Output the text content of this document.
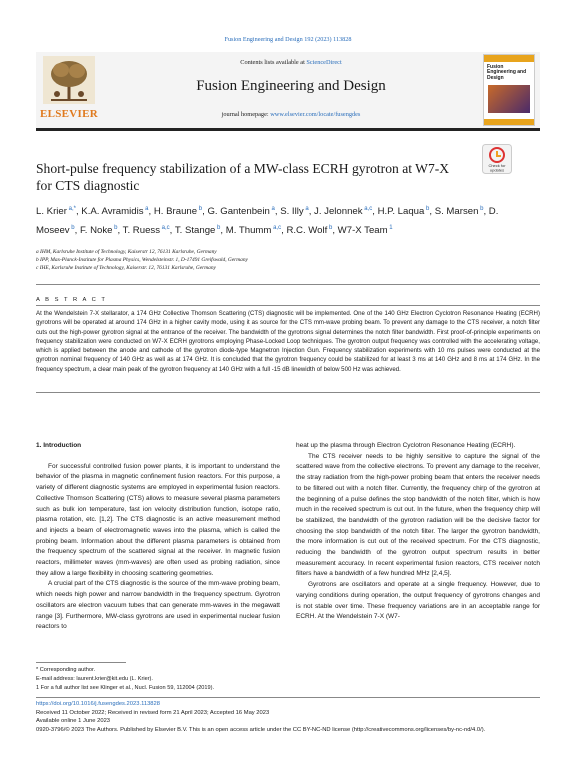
Fusion Engineering and Design 192 (2023) 113828
ELSEVIER
Contents lists available at ScienceDirect
Fusion Engineering and Design
journal homepage: www.elsevier.com/locate/fusengdes
Fusion Engineering and Design
Check for
updates
Short-pulse frequency stabilization of a MW-class ECRH gyrotron at W7-X for CTS diagnostic
L. Krier $^{a,*}$, K.A. Avramidis $^a$, H. Braune $^b$, G. Gantenbein $^a$, S. Illy $^a$, J. Jelonnek $^{a,c}$, H.P. Laqua $^b$, S. Marsen $^b$, D. Moseev $^b$, F. Noke $^b$, T. Ruess $^{a,c}$, T. Stange $^b$, M. Thumm $^{a,c}$, R.C. Wolf $^b$, W7-X Team $^1$
a IHM, Karlsruhe Institute of Technology, Kaiserstr 12, 76131 Karlsruhe, Germany
b IPP, Max-Planck-Institute for Plasma Physics, Wendelsteinstr. 1, D-17491 Greifswald, Germany
c IHE, Karlsruhe Institute of Technology, Kaiserstr. 12, 76131 Karlsruhe, Germany
A B S T R A C T
At the Wendelstein 7-X stellarator, a 174 GHz Collective Thomson Scattering (CTS) diagnostic will be implemented. One of the 140 GHz Electron Cyclotron Resonance Heating (ECRH) gyrotrons will be operated at around 174 GHz in a higher cavity mode, using it as source for the CTS mm-wave probing beam. To prevent any damage to the CTS receiver, a notch filter cuts out the high-power gyrotron signal at the entrance of the receiver. The bandwidth of the gyrotrons signal determines the notch filter bandwidth. First proof-of-principle experiments on frequency stabilization were conducted on W7-X ECRH gyrotrons employing Phase-Locked Loop techniques. The gyrotron output frequency was controlled with the accelerating voltage, which is applied between the anode and cathode of the gyrotron diode-type Magnetron Injection Gun. Frequency stabilization experiments with 10 ms pulses were conducted at the gyrotron nominal frequency of 140 GHz as well as at 174 GHz. It is concluded that the gyrotron frequency could be stabilized for at least 3 ms at 140 GHz and 8 ms at 174 GHz. In the frequency spectrum, a clear main peak of the gyrotron frequency at 140 GHz with a full -15 dB linewidth of below 500 Hz was achieved.

1. Introduction

For successful controlled fusion power plants, it is important to understand the behavior of the plasma in magnetic confinement fusion reactors. For this purpose, a variety of different diagnostic systems are employed in experimental fusion reactors. Collective Thomson Scattering (CTS) allows to measure several plasma parameters such as bulk ion temperature, fast ion velocity distribution function, isotope ratio, plasma rotation, etc. [1,2]. The CTS diagnostic is an active measurement method and injects a beam of electromagnetic waves into the plasma, which is called the probing beam. Information about the different plasma parameters is obtained from the frequency spectrum of the scattered signal at the receiver. In magnetic fusion reactors, millimeter waves (mm-waves) are often used as probing radiation, since they allow a large flexibility in choosing scattering geometries.

A crucial part of the CTS diagnostic is the source of the mm-wave probing beam, which needs high power and narrow bandwidth in the frequency spectrum. Gyrotron oscillators are electron vacuum tubes that can generate mm-waves in the megawatt range [3]. Furthermore, MW-class gyrotrons are used in experimental nuclear fusion reactors to

heat up the plasma through Electron Cyclotron Resonance Heating (ECRH).

The CTS receiver needs to be highly sensitive to capture the signal of the scattered wave from the collective electrons. To prevent any damage to the receiver, the stray radiation from the high-power probing beam that enters the receiver needs to be filtered out with a notch filter. Currently, the frequency chirp of the gyrotron at the beginning of a pulse defines the stop bandwidth of the notch filter, which is how much in the received spectrum is cut out. In the future, when the frequency chirp will be stabilized, the bandwidth of the gyrotron radiation will be the decisive factor for choosing the stop bandwidth of the notch filter. The larger the gyrotron bandwidth, the more information is cut out of the received spectrum. For the CTS diagnostic, reducing the bandwidth of the gyrotron output spectrum results in better measurement accuracy. In recent experimental fusion reactors, CTS receiver notch filters have a bandwidth of a few hundred MHz [2,4,5].

Gyrotrons are oscillators and operate at a single frequency. However, due to varying conditions during operation, the output frequency of gyrotrons changes and is not stable over time. These frequency variations are in an acceptable range for ECRH. At the Wendelstein 7-X (W7-

* Corresponding author.
E-mail address: laurent.krier@kit.edu (L. Krier).
1 For a full author list see Klinger et al., Nucl. Fusion 59, 112004 (2019).
https://doi.org/10.1016/j.fusengdes.2023.113828
Received 11 October 2022; Received in revised form 21 April 2023; Accepted 16 May 2023
Available online 1 June 2023
0920-3796/© 2023 The Authors. Published by Elsevier B.V. This is an open access article under the CC BY-NC-ND license (http://creativecommons.org/licenses/by-nc-nd/4.0/).
